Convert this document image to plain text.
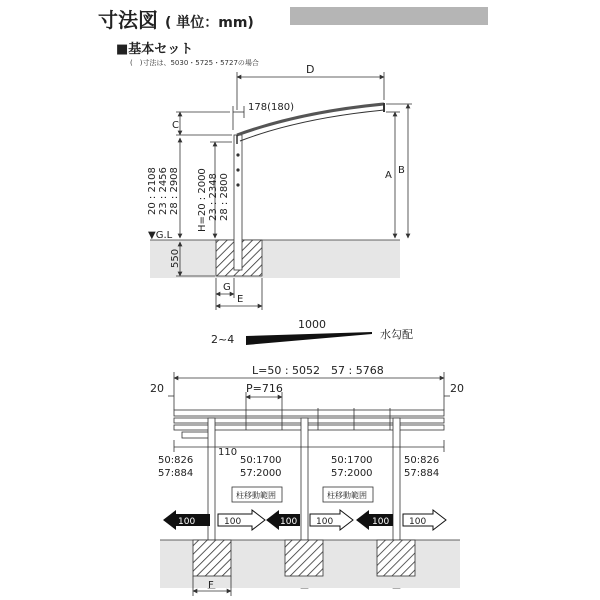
寸法図 ( 単位：mm)
■基本セット
(　)寸法は、5030・5725・5727の場合	D
178(180)
C
A B
20 : 2108 23 : 2456 28 : 2908 H=20 : 2000 23 : 2348 28 : 2800
▼G.L
550
G
E
2~4
1000
水勾配
L=50 : 5052　57 : 5768
20	20
P=716
110
50:826
57:884
50:1700
57:2000
50:1700
57:2000
50:826
57:884
柱移動範囲	柱移動範囲
100	100	100 100	100 100
F
